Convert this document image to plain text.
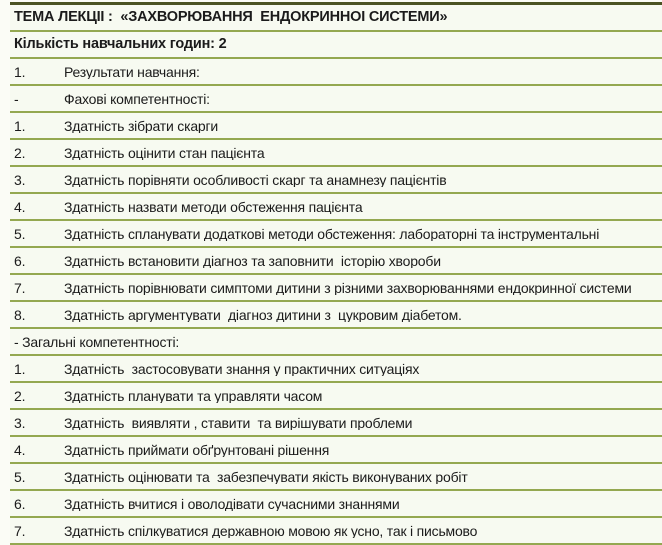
ТЕМА ЛЕКЦІЇ :  «ЗАХВОРЮВАННЯ  ЕНДОКРИННОЇ СИСТЕМИ»
Кількість навчальних годин: 2
1.	Результати навчання:
-	Фахові компетентності:
1.	Здатність зібрати скарги
2.	Здатність оцінити стан пацієнта
3.	Здатність порівняти особливості скарг та анамнезу пацієнтів
4.	Здатність назвати методи обстеження пацієнта
5.	Здатність спланувати додаткові методи обстеження: лабораторні та інструментальні
6.	Здатність встановити діагноз та заповнити  історію хвороби
7.	Здатність порівнювати симптоми дитини з різними захворюваннями ендокринної системи
8.	Здатність аргументувати  діагноз дитини з  цукровим діабетом.
- Загальні компетентності:
1.	Здатність  застосовувати знання у практичних ситуаціях
2.	Здатність планувати та управляти часом
3.	Здатність  виявляти , ставити  та вирішувати проблеми
4.	Здатність приймати обґрунтовані рішення
5.	Здатність оцінювати та  забезпечувати якість виконуваних робіт
6.	Здатність вчитися і оволодівати сучасними знаннями
7.	Здатність спілкуватися державною мовою як усно, так і письмово
